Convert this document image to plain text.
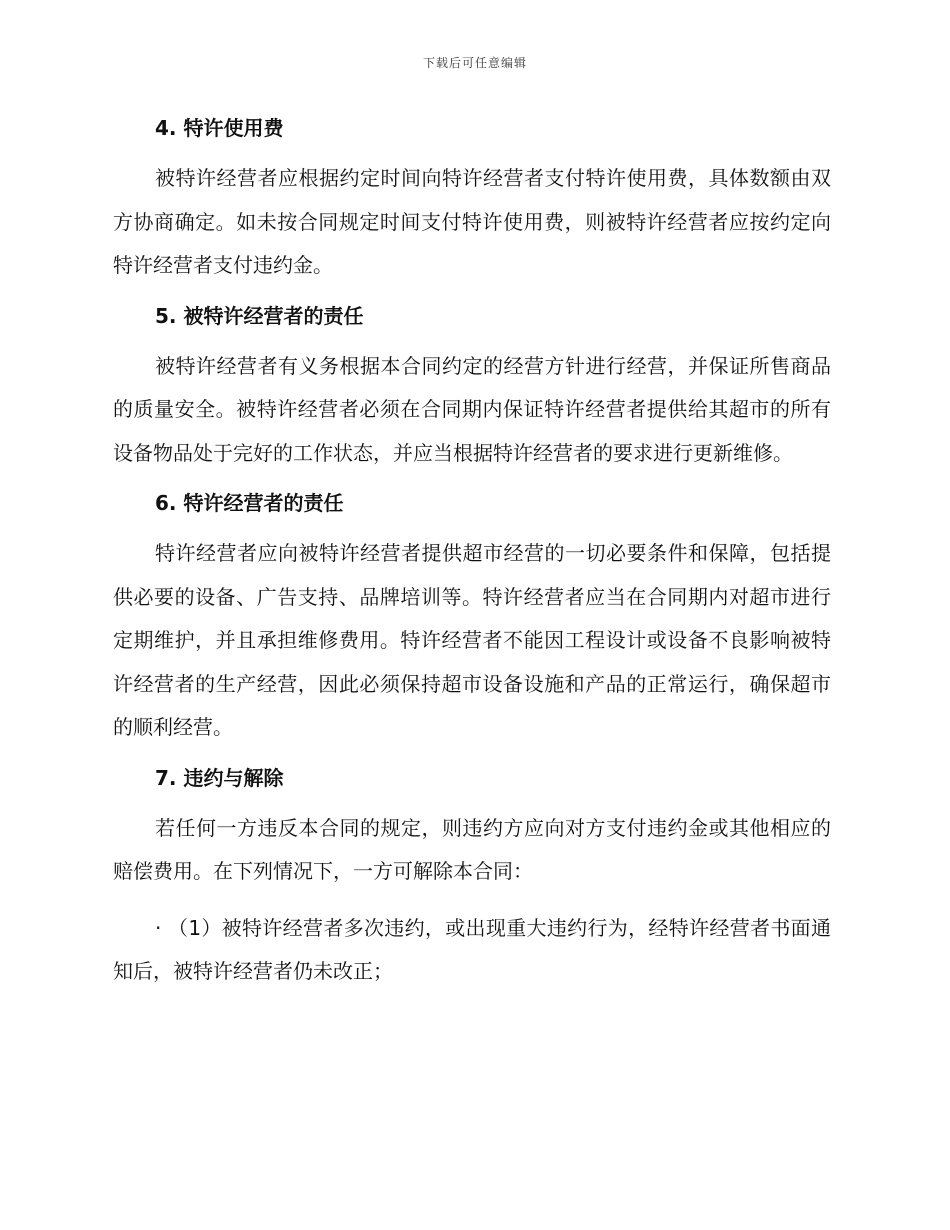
下载后可任意编辑
4. 特许使用费
被特许经营者应根据约定时间向特许经营者支付特许使用费，具体数额由双方协商确定。如未按合同规定时间支付特许使用费，则被特许经营者应按约定向特许经营者支付违约金。
5. 被特许经营者的责任
被特许经营者有义务根据本合同约定的经营方针进行经营，并保证所售商品的质量安全。被特许经营者必须在合同期内保证特许经营者提供给其超市的所有设备物品处于完好的工作状态，并应当根据特许经营者的要求进行更新维修。
6. 特许经营者的责任
特许经营者应向被特许经营者提供超市经营的一切必要条件和保障，包括提供必要的设备、广告支持、品牌培训等。特许经营者应当在合同期内对超市进行定期维护，并且承担维修费用。特许经营者不能因工程设计或设备不良影响被特许经营者的生产经营，因此必须保持超市设备设施和产品的正常运行，确保超市的顺利经营。
7. 违约与解除
若任何一方违反本合同的规定，则违约方应向对方支付违约金或其他相应的赔偿费用。在下列情况下，一方可解除本合同：
· （1）被特许经营者多次违约，或出现重大违约行为，经特许经营者书面通知后，被特许经营者仍未改正；
